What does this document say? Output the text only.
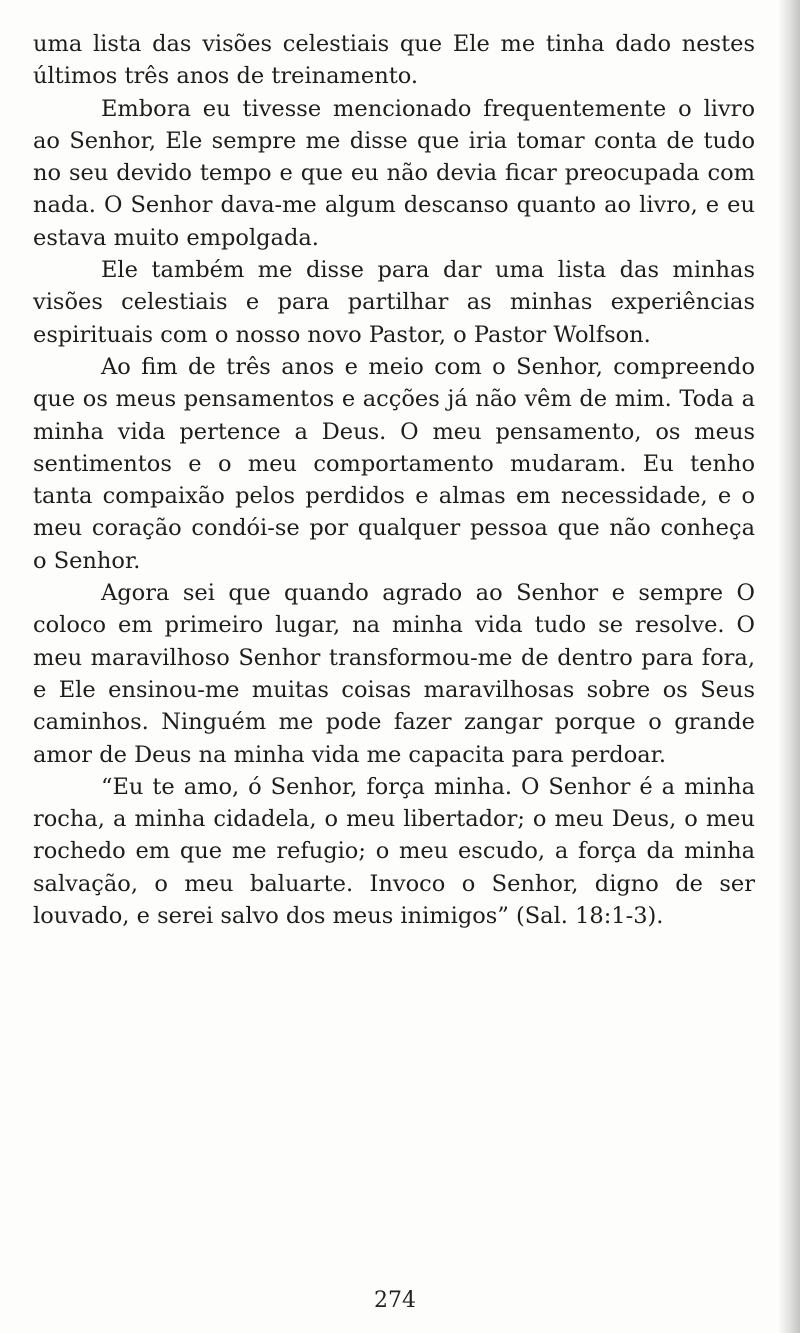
uma lista das visões celestiais que Ele me tinha dado nestes últimos três anos de treinamento.

Embora eu tivesse mencionado frequentemente o livro ao Senhor, Ele sempre me disse que iria tomar conta de tudo no seu devido tempo e que eu não devia ficar preocupada com nada. O Senhor dava-me algum descanso quanto ao livro, e eu estava muito empolgada.

Ele também me disse para dar uma lista das minhas visões celestiais e para partilhar as minhas experiências espirituais com o nosso novo Pastor, o Pastor Wolfson.

Ao fim de três anos e meio com o Senhor, compreendo que os meus pensamentos e acções já não vêm de mim. Toda a minha vida pertence a Deus. O meu pensamento, os meus sentimentos e o meu comportamento mudaram. Eu tenho tanta compaixão pelos perdidos e almas em necessidade, e o meu coração condói-se por qualquer pessoa que não conheça o Senhor.

Agora sei que quando agrado ao Senhor e sempre O coloco em primeiro lugar, na minha vida tudo se resolve. O meu maravilhoso Senhor transformou-me de dentro para fora, e Ele ensinou-me muitas coisas maravilhosas sobre os Seus caminhos. Ninguém me pode fazer zangar porque o grande amor de Deus na minha vida me capacita para perdoar.

“Eu te amo, ó Senhor, força minha. O Senhor é a minha rocha, a minha cidadela, o meu libertador; o meu Deus, o meu rochedo em que me refugio; o meu escudo, a força da minha salvação, o meu baluarte. Invoco o Senhor, digno de ser louvado, e serei salvo dos meus inimigos” (Sal. 18:1-3).

274
